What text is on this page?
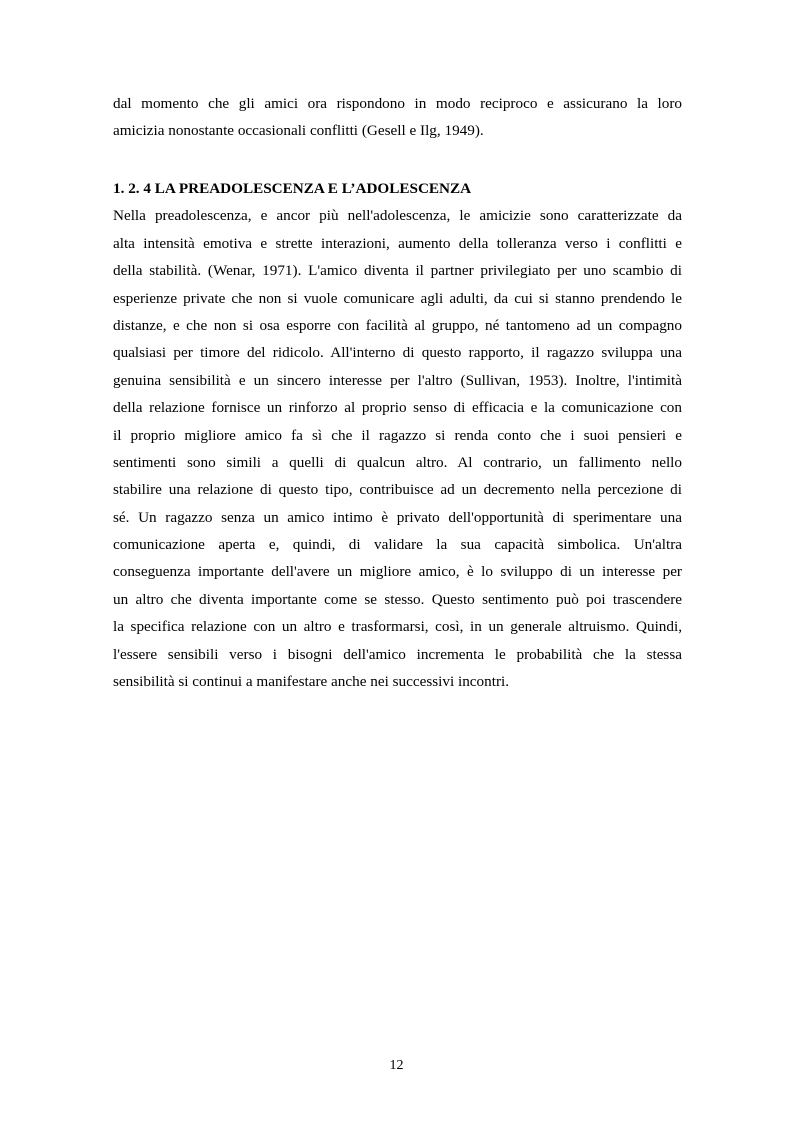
dal momento che gli amici ora rispondono in modo reciproco e assicurano la loro
amicizia nonostante occasionali conflitti (Gesell e Ilg, 1949).
1. 2. 4 LA PREADOLESCENZA E L’ADOLESCENZA
Nella preadolescenza, e ancor più nell'adolescenza, le amicizie sono caratterizzate da
alta intensità emotiva e strette interazioni, aumento della tolleranza verso i conflitti e
della stabilità. (Wenar, 1971). L'amico diventa il partner privilegiato per uno scambio di
esperienze private che non si vuole comunicare agli adulti, da cui si stanno prendendo le
distanze, e che non si osa esporre con facilità al gruppo, né tantomeno ad un compagno
qualsiasi per timore del ridicolo. All'interno di questo rapporto, il ragazzo sviluppa una
genuina sensibilità e un sincero interesse per l'altro (Sullivan, 1953). Inoltre, l'intimità
della relazione fornisce un rinforzo al proprio senso di efficacia e la comunicazione con
il proprio migliore amico fa sì che il ragazzo si renda conto che i suoi pensieri e
sentimenti sono simili a quelli di qualcun altro. Al contrario, un fallimento nello
stabilire una relazione di questo tipo, contribuisce ad un decremento nella percezione di
sé. Un ragazzo senza un amico intimo è privato dell'opportunità di sperimentare una
comunicazione aperta e, quindi, di validare la sua capacità simbolica. Un'altra
conseguenza importante dell'avere un migliore amico, è lo sviluppo di un interesse per
un altro che diventa importante come se stesso. Questo sentimento può poi trascendere
la specifica relazione con un altro e trasformarsi, così, in un generale altruismo. Quindi,
l'essere sensibili verso i bisogni dell'amico incrementa le probabilità che la stessa
sensibilità si continui a manifestare anche nei successivi incontri.
12
